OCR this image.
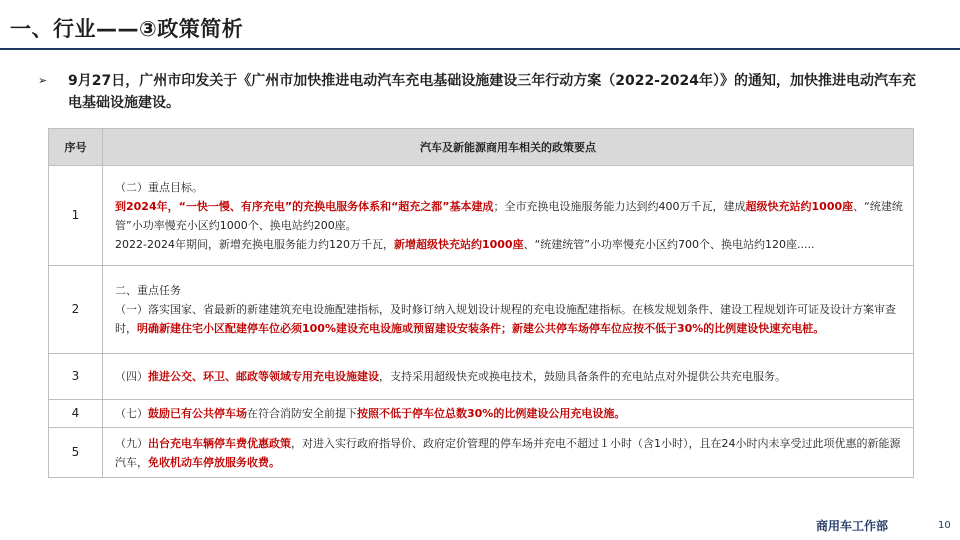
一、行业——③政策简析
➢ 9月27日，广州市印发关于《广州市加快推进电动汽车充电基础设施建设三年行动方案（2022-2024年）》的通知，加快推进电动汽车充电基础设施建设。
序号	汽车及新能源商用车相关的政策要点
1	（二）重点目标。
到2024年，“一快一慢、有序充电”的充换电服务体系和“超充之都”基本建成；全市充换电设施服务能力达到约400万千瓦，建成超级快充站约1000座、“统建统管”小功率慢充小区约1000个、换电站约200座。
2022-2024年期间，新增充换电服务能力约120万千瓦，新增超级快充站约1000座、“统建统管”小功率慢充小区约700个、换电站约120座.....

2	二、重点任务
（一）落实国家、省最新的新建建筑充电设施配建指标，及时修订纳入规划设计规程的充电设施配建指标。在核发规划条件、建设工程规划许可证及设计方案审查时，明确新建住宅小区配建停车位必须100%建设充电设施或预留建设安装条件；新建公共停车场停车位应按不低于30%的比例建设快速充电桩。

3	（四）推进公交、环卫、邮政等领域专用充电设施建设，支持采用超级快充或换电技术，鼓励具备条件的充电站点对外提供公共充电服务。

4	（七）鼓励已有公共停车场在符合消防安全前提下按照不低于停车位总数30%的比例建设公用充电设施。

5	（九）出台充电车辆停车费优惠政策，对进入实行政府指导价、政府定价管理的停车场并充电不超过１小时（含1小时），且在24小时内未享受过此项优惠的新能源汽车，免收机动车停放服务收费。
商用车工作部	10
